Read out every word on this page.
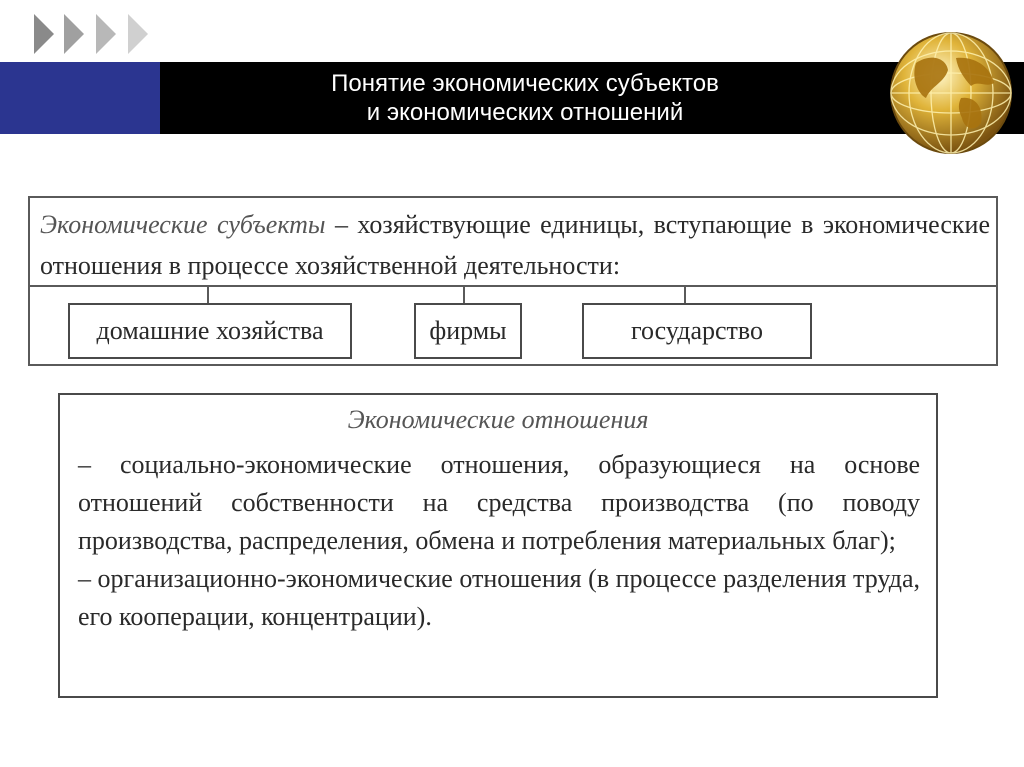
Понятие экономических субъектов
и экономических отношений
Экономические субъекты – хозяйствующие единицы, вступающие в экономические отношения в процессе хозяйственной деятельности:
домашние хозяйства	фирмы	государство
Экономические отношения

– социально-экономические отношения, образующиеся на основе отношений собственности на средства производства (по поводу производства, распределения, обмена и потребления материальных благ);

– организационно-экономические отношения (в процессе разделения труда, его кооперации, концентрации).
